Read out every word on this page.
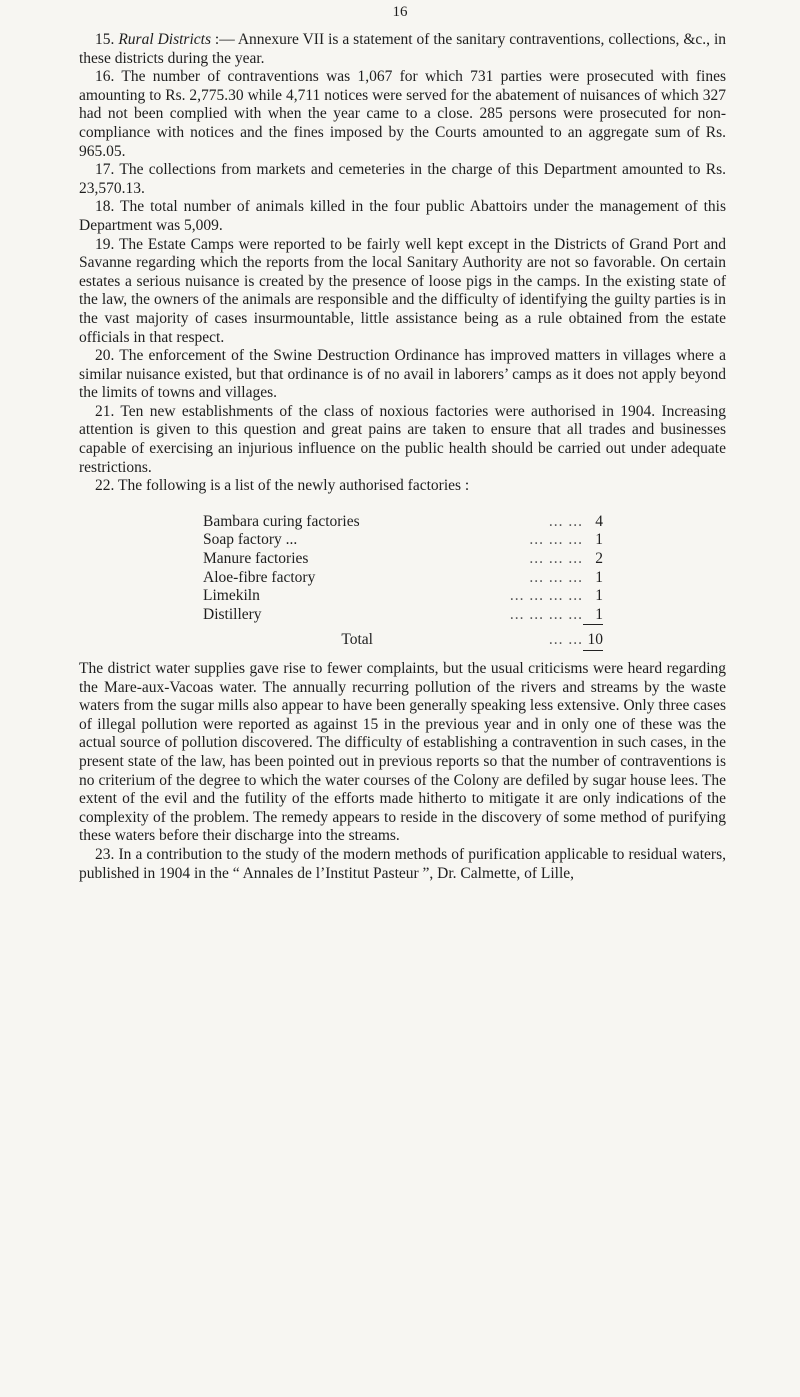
16

15. Rural Districts :— Annexure VII is a statement of the sanitary contraventions, collections, &c., in these districts during the year.

16. The number of contraventions was 1,067 for which 731 parties were prosecuted with fines amounting to Rs. 2,775.30 while 4,711 notices were served for the abatement of nuisances of which 327 had not been complied with when the year came to a close. 285 persons were prosecuted for non-compliance with notices and the fines imposed by the Courts amounted to an aggregate sum of Rs. 965.05.

17. The collections from markets and cemeteries in the charge of this Department amounted to Rs. 23,570.13.

18. The total number of animals killed in the four public Abattoirs under the management of this Department was 5,009.

19. The Estate Camps were reported to be fairly well kept except in the Districts of Grand Port and Savanne regarding which the reports from the local Sanitary Authority are not so favorable. On certain estates a serious nuisance is created by the presence of loose pigs in the camps. In the existing state of the law, the owners of the animals are responsible and the difficulty of identifying the guilty parties is in the vast majority of cases insurmountable, little assistance being as a rule obtained from the estate officials in that respect.

20. The enforcement of the Swine Destruction Ordinance has improved matters in villages where a similar nuisance existed, but that ordinance is of no avail in laborers’ camps as it does not apply beyond the limits of towns and villages.

21. Ten new establishments of the class of noxious factories were authorised in 1904. Increasing attention is given to this question and great pains are taken to ensure that all trades and businesses capable of exercising an injurious influence on the public health should be carried out under adequate restrictions.

22. The following is a list of the newly authorised factories :

Bambara curing factories	... ...	4
Soap factory ...	... ... ...	1
Manure factories	... ... ...	2
Aloe-fibre factory	... ... ...	1
Limekiln	... ... ... ...	1
Distillery	... ... ... ...	1
Total	... ...	10

The district water supplies gave rise to fewer complaints, but the usual criticisms were heard regarding the Mare-aux-Vacoas water. The annually recurring pollution of the rivers and streams by the waste waters from the sugar mills also appear to have been generally speaking less extensive. Only three cases of illegal pollution were reported as against 15 in the previous year and in only one of these was the actual source of pollution discovered. The difficulty of establishing a contravention in such cases, in the present state of the law, has been pointed out in previous reports so that the number of contraventions is no criterium of the degree to which the water courses of the Colony are defiled by sugar house lees. The extent of the evil and the futility of the efforts made hitherto to mitigate it are only indications of the complexity of the problem. The remedy appears to reside in the discovery of some method of purifying these waters before their discharge into the streams.

23. In a contribution to the study of the modern methods of purification applicable to residual waters, published in 1904 in the “ Annales de l’Institut Pasteur ”, Dr. Calmette, of Lille,
